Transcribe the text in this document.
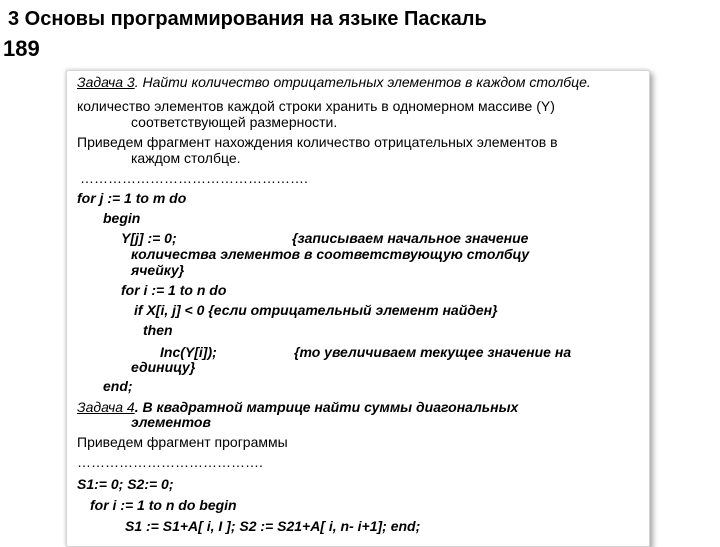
3 Основы программирования на языке Паскаль
189
Задача 3. Найти количество отрицательных элементов в каждом столбце.
количество элементов каждой строки хранить в одномерном массиве (Y)
соответствующей размерности.
Приведем фрагмент нахождения количество отрицательных элементов в
каждом столбце.
………………………………………….
for j := 1 to m do
begin
Y[j] := 0;	{записываем начальное значение
количества элементов в соответствующую столбцу
ячейку}
for i := 1 to n do
if X[i, j] < 0 {если отрицательный элемент найден}
then
Inc(Y[i]);	{то увеличиваем текущее значение на
единицу}
end;
Задача 4. В квадратной матрице найти суммы диагональных
элементов
Приведем фрагмент программы
………………………………….
S1:= 0; S2:= 0;
for i := 1 to n do begin
S1 := S1+A[ i, I ]; S2 := S21+A[ i, n- i+1]; end;
